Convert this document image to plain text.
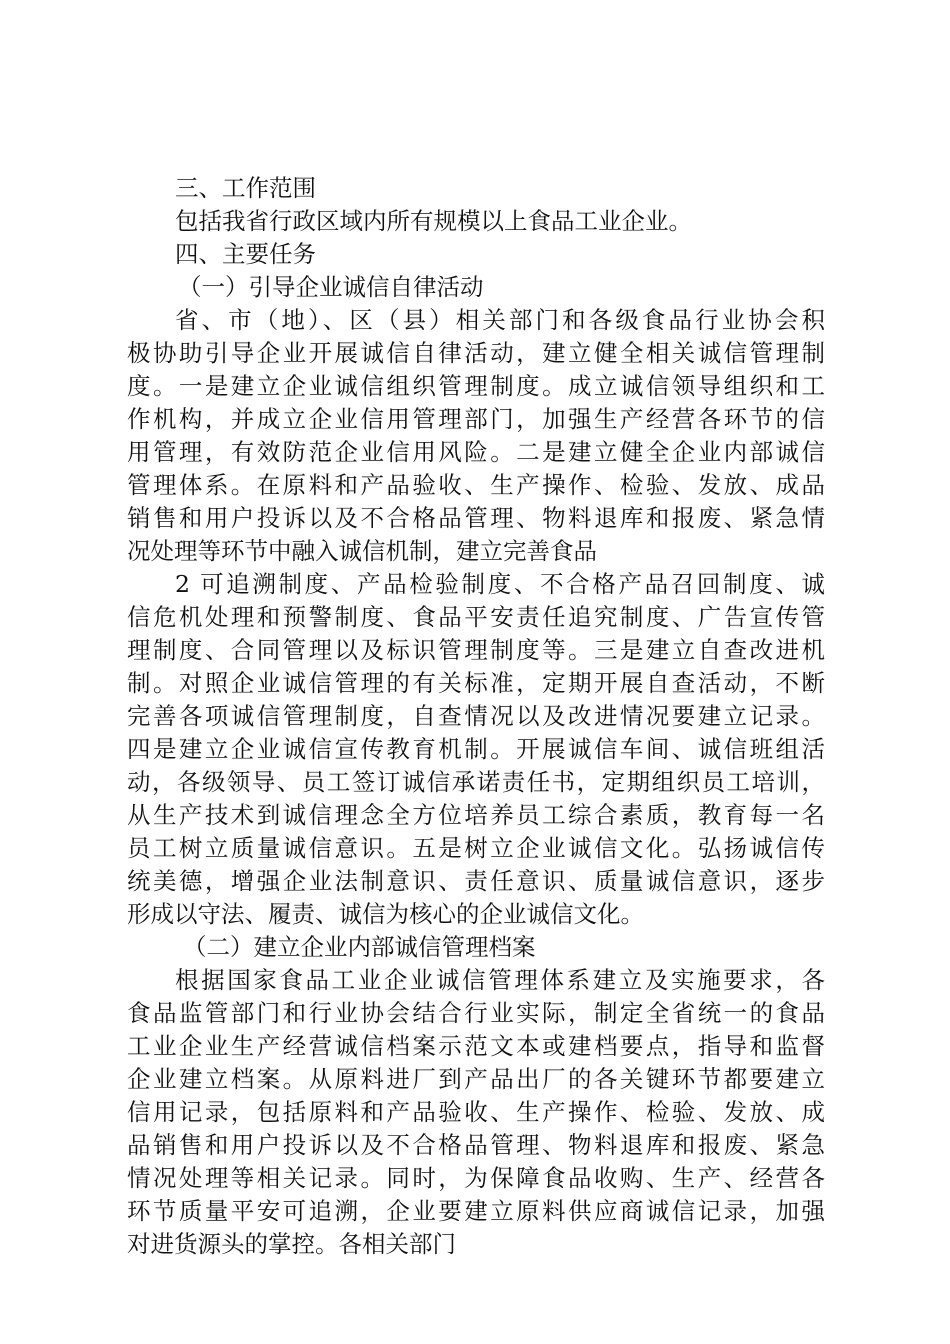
三、工作范围
包括我省行政区域内所有规模以上食品工业企业。
四、主要任务
（一）引导企业诚信自律活动
省、市（地）、区（县）相关部门和各级食品行业协会积
极协助引导企业开展诚信自律活动，建立健全相关诚信管理制
度。一是建立企业诚信组织管理制度。成立诚信领导组织和工
作机构，并成立企业信用管理部门，加强生产经营各环节的信
用管理，有效防范企业信用风险。二是建立健全企业内部诚信
管理体系。在原料和产品验收、生产操作、检验、发放、成品
销售和用户投诉以及不合格品管理、物料退库和报废、紧急情
况处理等环节中融入诚信机制，建立完善食品
2 可追溯制度、产品检验制度、不合格产品召回制度、诚
信危机处理和预警制度、食品平安责任追究制度、广告宣传管
理制度、合同管理以及标识管理制度等。三是建立自查改进机
制。对照企业诚信管理的有关标准，定期开展自查活动，不断
完善各项诚信管理制度，自查情况以及改进情况要建立记录。
四是建立企业诚信宣传教育机制。开展诚信车间、诚信班组活
动，各级领导、员工签订诚信承诺责任书，定期组织员工培训，
从生产技术到诚信理念全方位培养员工综合素质，教育每一名
员工树立质量诚信意识。五是树立企业诚信文化。弘扬诚信传
统美德，增强企业法制意识、责任意识、质量诚信意识，逐步
形成以守法、履责、诚信为核心的企业诚信文化。
（二）建立企业内部诚信管理档案
根据国家食品工业企业诚信管理体系建立及实施要求，各
食品监管部门和行业协会结合行业实际，制定全省统一的食品
工业企业生产经营诚信档案示范文本或建档要点，指导和监督
企业建立档案。从原料进厂到产品出厂的各关键环节都要建立
信用记录，包括原料和产品验收、生产操作、检验、发放、成
品销售和用户投诉以及不合格品管理、物料退库和报废、紧急
情况处理等相关记录。同时，为保障食品收购、生产、经营各
环节质量平安可追溯，企业要建立原料供应商诚信记录，加强
对进货源头的掌控。各相关部门
